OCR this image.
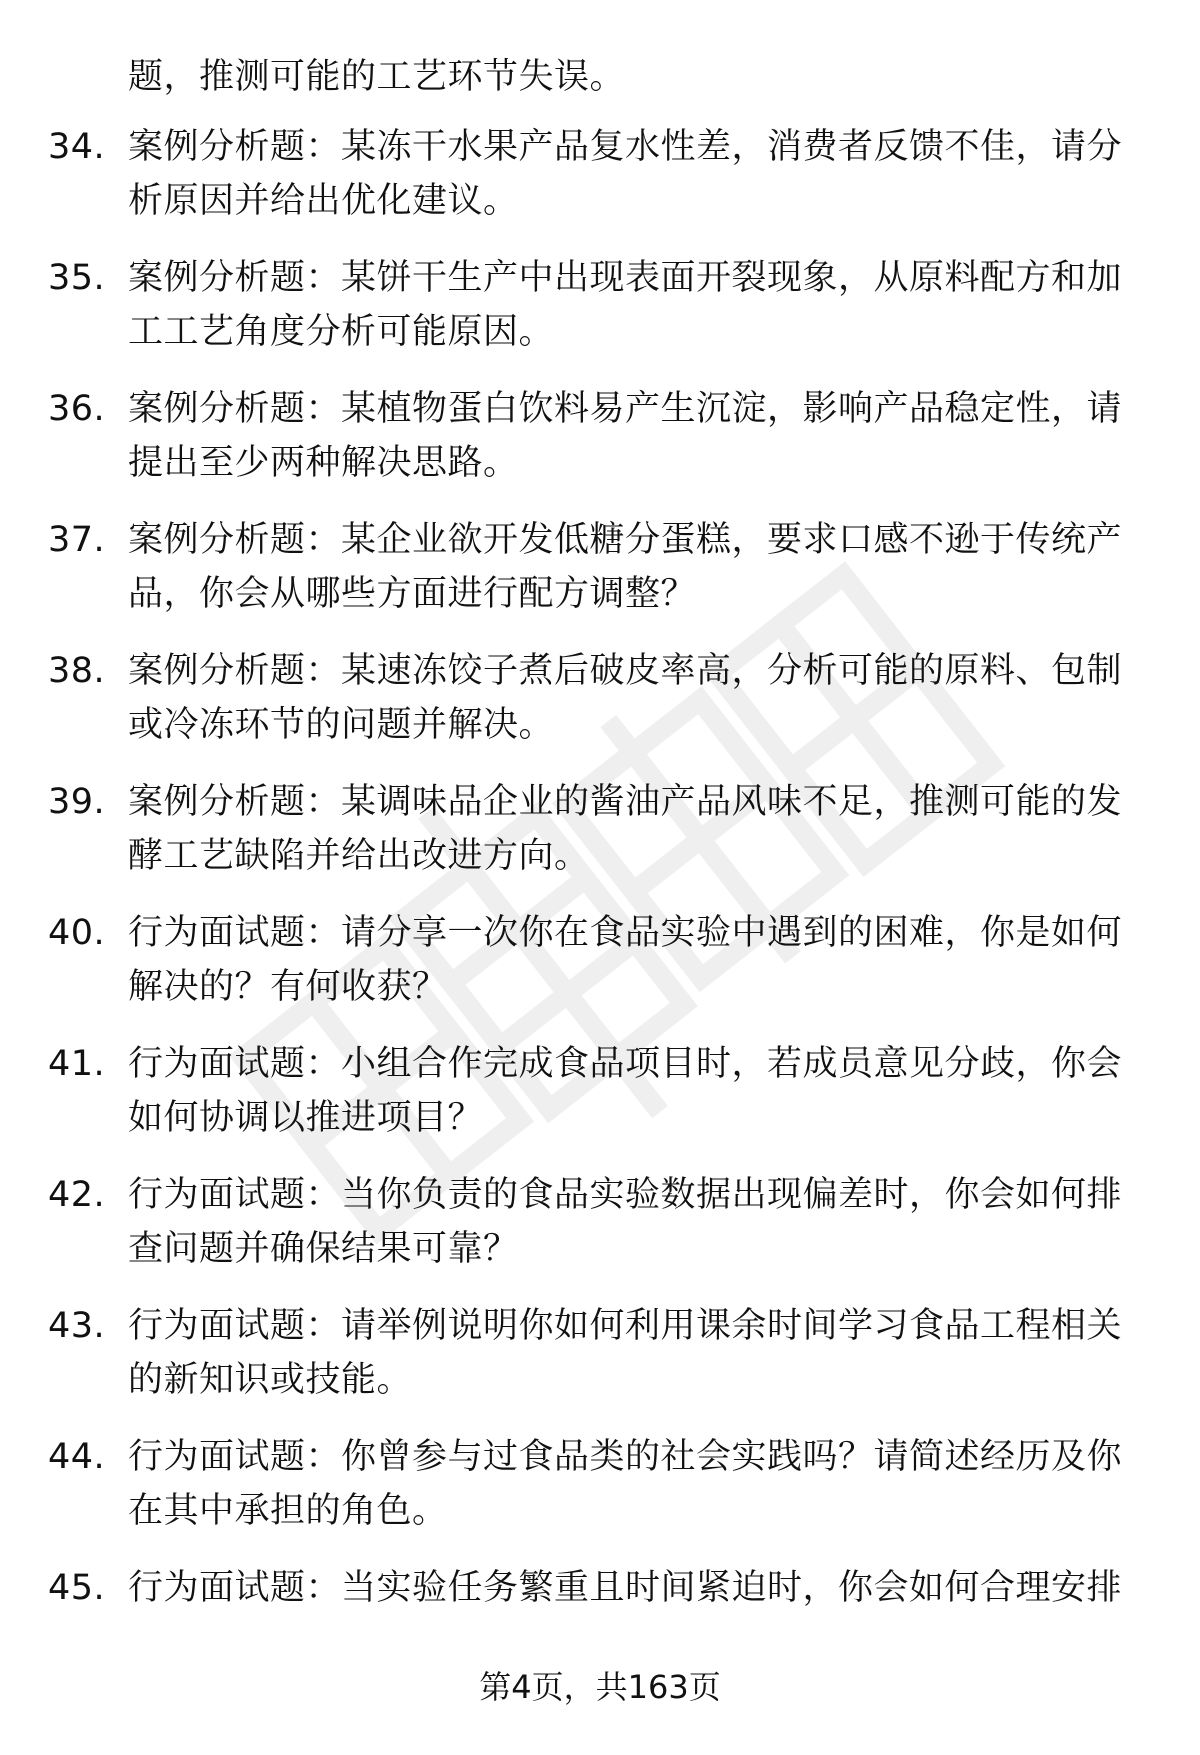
题，推测可能的工艺环节失误。
34. 案例分析题：某冻干水果产品复水性差，消费者反馈不佳，请分
析原因并给出优化建议。
35. 案例分析题：某饼干生产中出现表面开裂现象，从原料配方和加
工工艺角度分析可能原因。
36. 案例分析题：某植物蛋白饮料易产生沉淀，影响产品稳定性，请
提出至少两种解决思路。
37. 案例分析题：某企业欲开发低糖分蛋糕，要求口感不逊于传统产
品，你会从哪些方面进行配方调整？
38. 案例分析题：某速冻饺子煮后破皮率高，分析可能的原料、包制
或冷冻环节的问题并解决。
39. 案例分析题：某调味品企业的酱油产品风味不足，推测可能的发
酵工艺缺陷并给出改进方向。
40. 行为面试题：请分享一次你在食品实验中遇到的困难，你是如何
解决的？有何收获？
41. 行为面试题：小组合作完成食品项目时，若成员意见分歧，你会
如何协调以推进项目？
42. 行为面试题：当你负责的食品实验数据出现偏差时，你会如何排
查问题并确保结果可靠？
43. 行为面试题：请举例说明你如何利用课余时间学习食品工程相关
的新知识或技能。
44. 行为面试题：你曾参与过食品类的社会实践吗？请简述经历及你
在其中承担的角色。
45. 行为面试题：当实验任务繁重且时间紧迫时，你会如何合理安排
第4页，共163页
